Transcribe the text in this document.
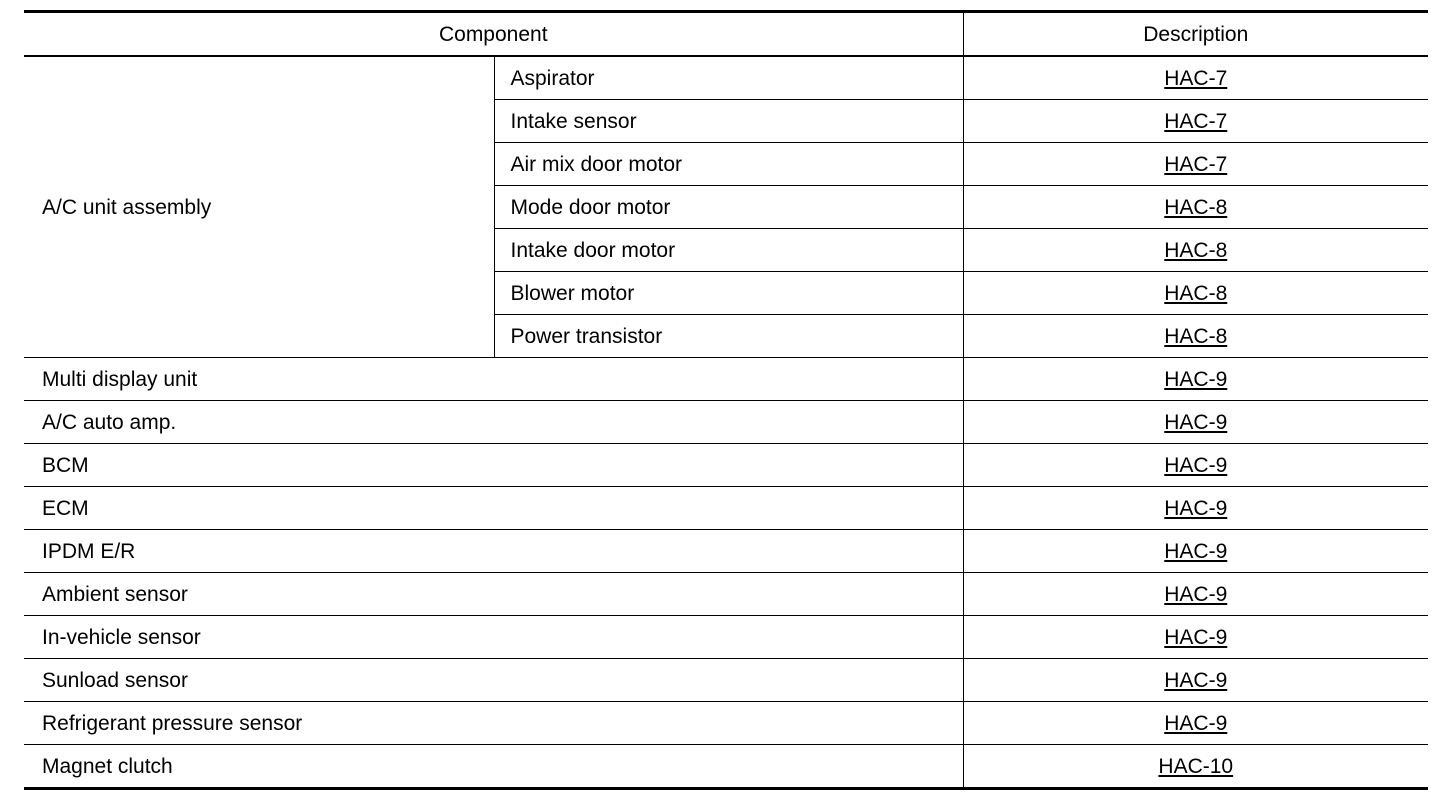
Component		Description
A/C unit assembly	Aspirator	HAC-7
	Intake sensor	HAC-7
	Air mix door motor	HAC-7
	Mode door motor	HAC-8
	Intake door motor	HAC-8
	Blower motor	HAC-8
	Power transistor	HAC-8
Multi display unit		HAC-9
A/C auto amp.		HAC-9
BCM		HAC-9
ECM		HAC-9
IPDM E/R		HAC-9
Ambient sensor		HAC-9
In-vehicle sensor		HAC-9
Sunload sensor		HAC-9
Refrigerant pressure sensor		HAC-9
Magnet clutch		HAC-10
